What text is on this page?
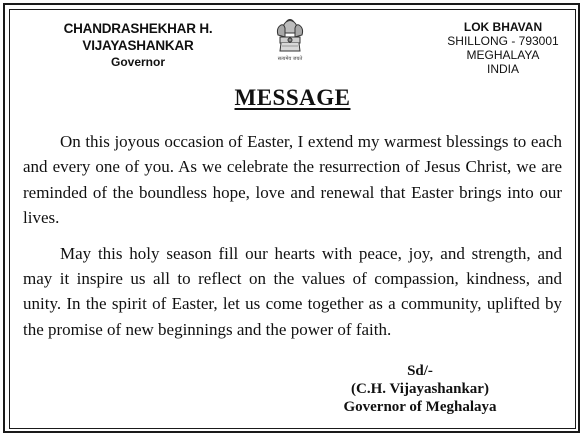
CHANDRASHEKHAR H. VIJAYASHANKAR
Governor	सत्यमेव जयते
LOK BHAVAN
SHILLONG - 793001
MEGHALAYA
INDIA
MESSAGE

On this joyous occasion of Easter, I extend my warmest blessings to each and every one of you. As we celebrate the resurrection of Jesus Christ, we are reminded of the boundless hope, love and renewal that Easter brings into our lives.

May this holy season fill our hearts with peace, joy, and strength, and may it inspire us all to reflect on the values of compassion, kindness, and unity. In the spirit of Easter, let us come together as a community, uplifted by the promise of new beginnings and the power of faith.

Sd/-
(C.H. Vijayashankar)
Governor of Meghalaya
